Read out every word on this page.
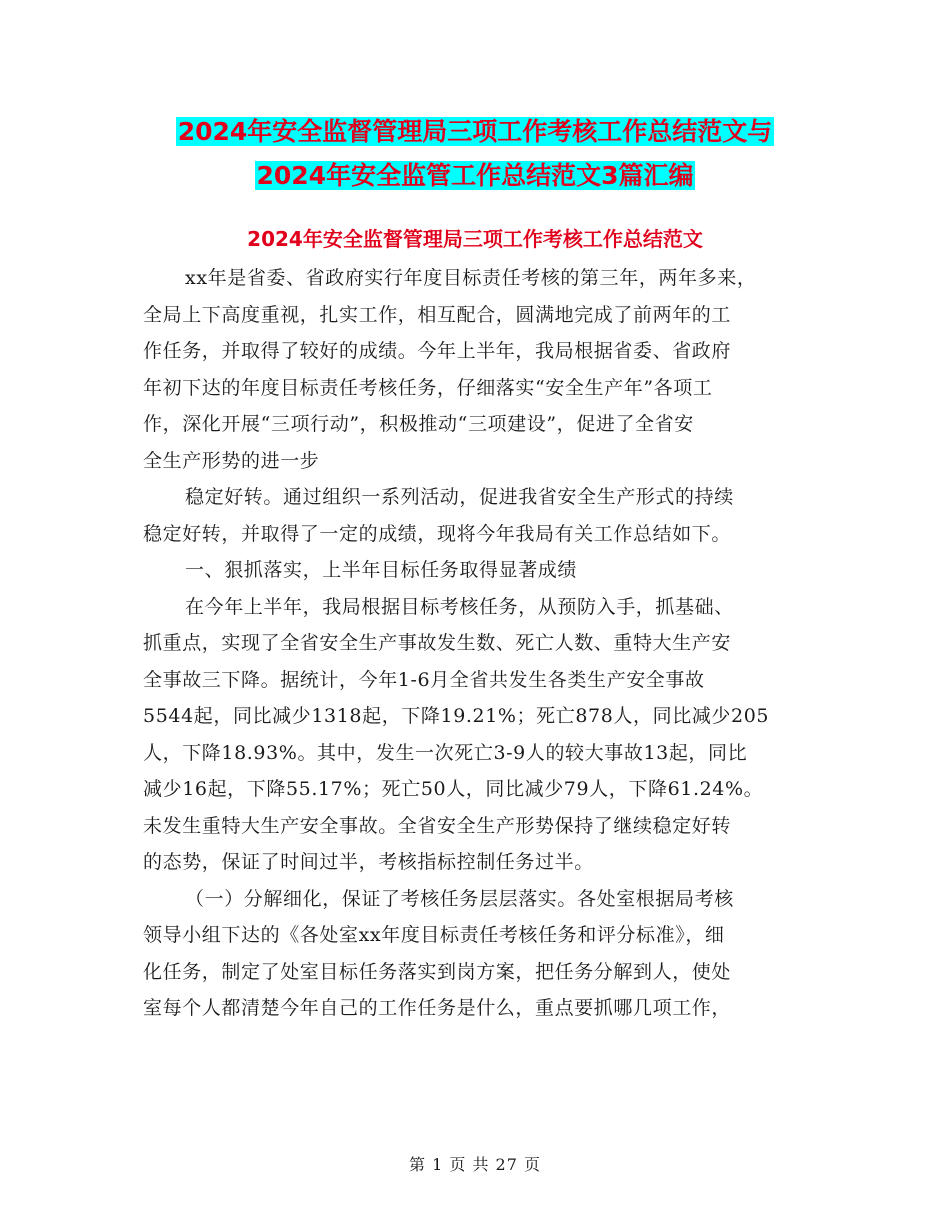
2024年安全监督管理局三项工作考核工作总结范文与
2024年安全监管工作总结范文3篇汇编
2024年安全监督管理局三项工作考核工作总结范文
xx年是省委、省政府实行年度目标责任考核的第三年，两年多来，
全局上下高度重视，扎实工作，相互配合，圆满地完成了前两年的工
作任务，并取得了较好的成绩。今年上半年，我局根据省委、省政府
年初下达的年度目标责任考核任务，仔细落实“安全生产年”各项工
作，深化开展“三项行动”，积极推动“三项建设”，促进了全省安
全生产形势的进一步
稳定好转。通过组织一系列活动，促进我省安全生产形式的持续
稳定好转，并取得了一定的成绩，现将今年我局有关工作总结如下。
一、狠抓落实，上半年目标任务取得显著成绩
在今年上半年，我局根据目标考核任务，从预防入手，抓基础、
抓重点，实现了全省安全生产事故发生数、死亡人数、重特大生产安
全事故三下降。据统计，今年1-6月全省共发生各类生产安全事故
5544起，同比减少1318起，下降19.21%；死亡878人，同比减少205
人，下降18.93%。其中，发生一次死亡3-9人的较大事故13起，同比
减少16起，下降55.17%；死亡50人，同比减少79人，下降61.24%。
未发生重特大生产安全事故。全省安全生产形势保持了继续稳定好转
的态势，保证了时间过半，考核指标控制任务过半。
（一）分解细化，保证了考核任务层层落实。各处室根据局考核
领导小组下达的《各处室xx年度目标责任考核任务和评分标准》，细
化任务，制定了处室目标任务落实到岗方案，把任务分解到人，使处
室每个人都清楚今年自己的工作任务是什么，重点要抓哪几项工作，
第 1 页 共 27 页
